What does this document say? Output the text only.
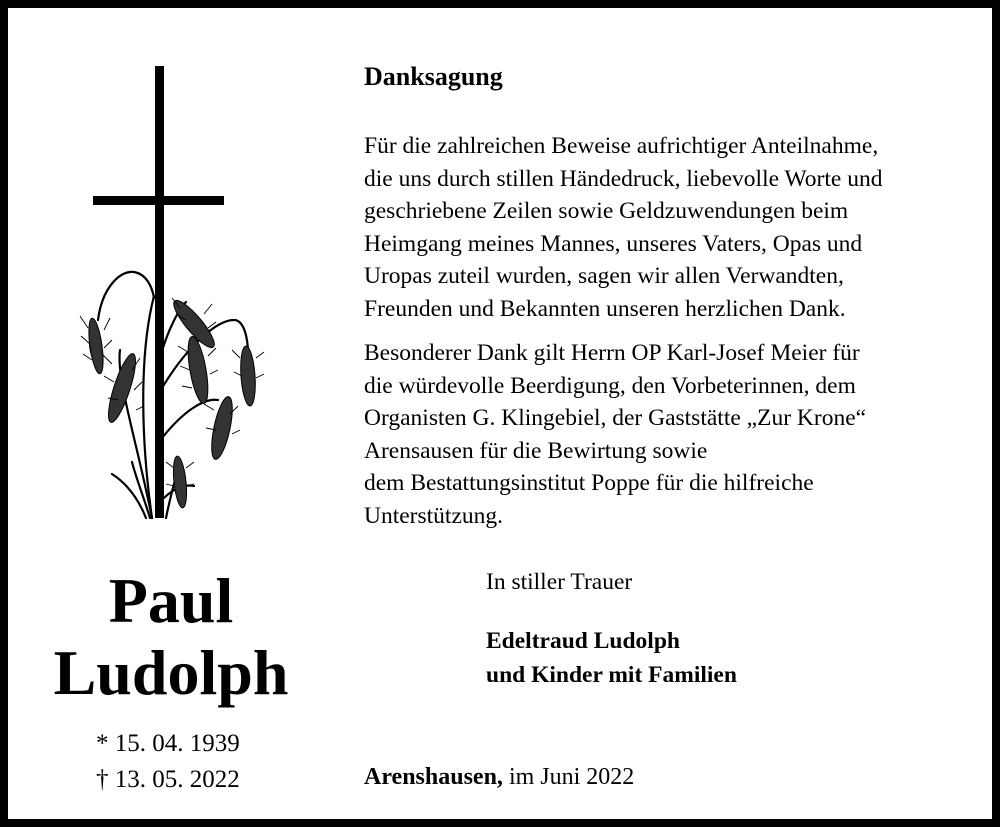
Paul
Ludolph
* 15. 04. 1939
† 13. 05. 2022
Danksagung
Für die zahlreichen Beweise aufrichtiger Anteilnahme,
die uns durch stillen Händedruck, liebevolle Worte und
geschriebene Zeilen sowie Geldzuwendungen beim
Heimgang meines Mannes, unseres Vaters, Opas und
Uropas zuteil wurden, sagen wir allen Verwandten,
Freunden und Bekannten unseren herzlichen Dank.
Besonderer Dank gilt Herrn OP Karl-Josef Meier für
die würdevolle Beerdigung, den Vorbeterinnen, dem
Organisten G. Klingebiel, der Gaststätte „Zur Krone“
Arensausen für die Bewirtung sowie
dem Bestattungsinstitut Poppe für die hilfreiche
Unterstützung.
In stiller Trauer
Edeltraud Ludolph
und Kinder mit Familien
Arenshausen, im Juni 2022
